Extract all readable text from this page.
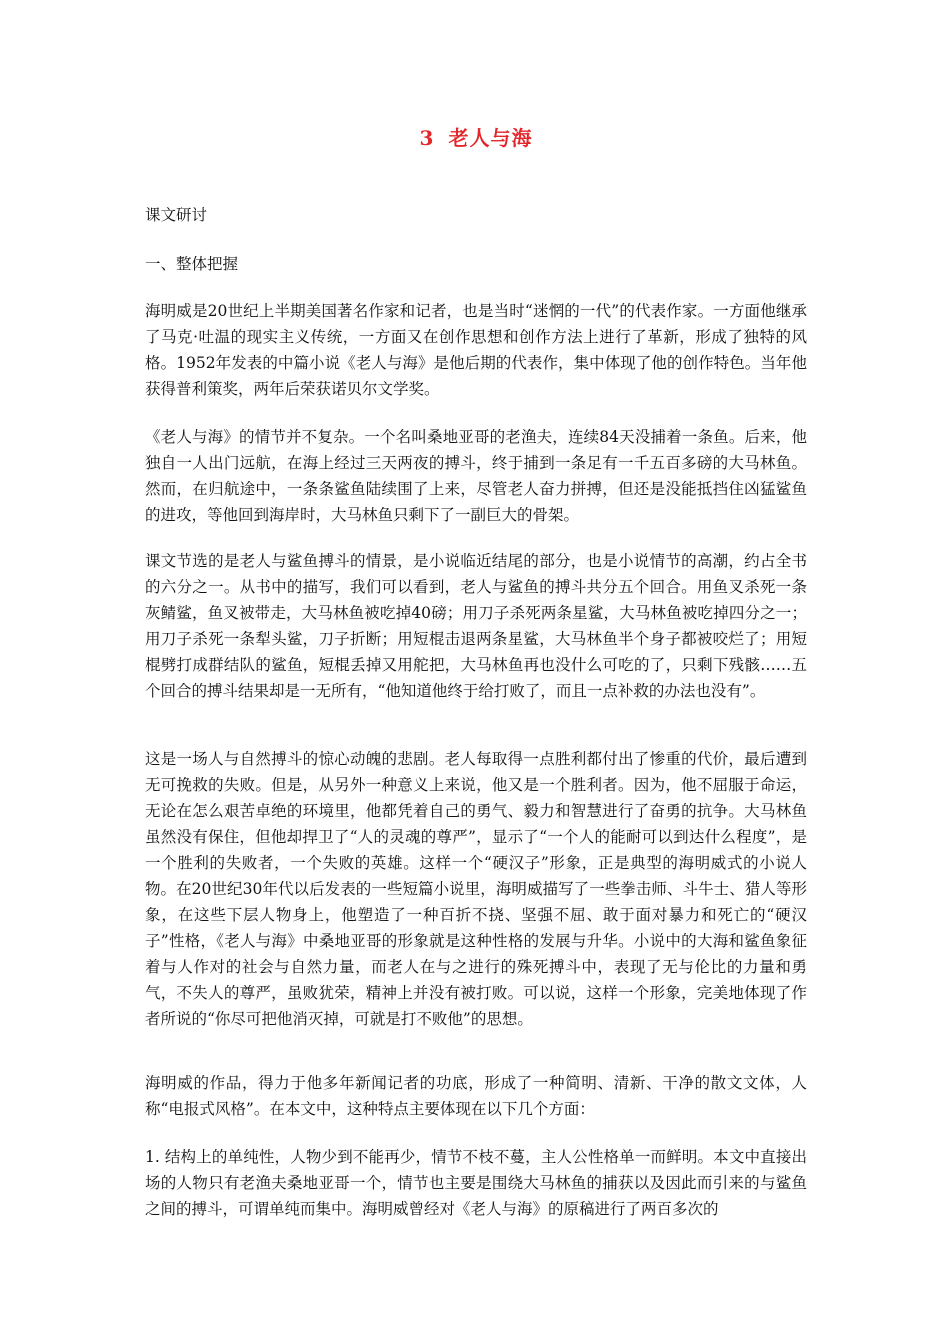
3 老人与海

课文研讨

一、整体把握

海明威是20世纪上半期美国著名作家和记者，也是当时“迷惘的一代”的代表作家。一方面他继承了马克·吐温的现实主义传统，一方面又在创作思想和创作方法上进行了革新，形成了独特的风格。1952年发表的中篇小说《老人与海》是他后期的代表作，集中体现了他的创作特色。当年他获得普利策奖，两年后荣获诺贝尔文学奖。

《老人与海》的情节并不复杂。一个名叫桑地亚哥的老渔夫，连续84天没捕着一条鱼。后来，他独自一人出门远航，在海上经过三天两夜的搏斗，终于捕到一条足有一千五百多磅的大马林鱼。然而，在归航途中，一条条鲨鱼陆续围了上来，尽管老人奋力拼搏，但还是没能抵挡住凶猛鲨鱼的进攻，等他回到海岸时，大马林鱼只剩下了一副巨大的骨架。

课文节选的是老人与鲨鱼搏斗的情景，是小说临近结尾的部分，也是小说情节的高潮，约占全书的六分之一。从书中的描写，我们可以看到，老人与鲨鱼的搏斗共分五个回合。用鱼叉杀死一条灰鲭鲨，鱼叉被带走，大马林鱼被吃掉40磅；用刀子杀死两条星鲨，大马林鱼被吃掉四分之一；用刀子杀死一条犁头鲨，刀子折断；用短棍击退两条星鲨，大马林鱼半个身子都被咬烂了；用短棍劈打成群结队的鲨鱼，短棍丢掉又用舵把，大马林鱼再也没什么可吃的了，只剩下残骸……五个回合的搏斗结果却是一无所有，“他知道他终于给打败了，而且一点补救的办法也没有”。

这是一场人与自然搏斗的惊心动魄的悲剧。老人每取得一点胜利都付出了惨重的代价，最后遭到无可挽救的失败。但是，从另外一种意义上来说，他又是一个胜利者。因为，他不屈服于命运，无论在怎么艰苦卓绝的环境里，他都凭着自己的勇气、毅力和智慧进行了奋勇的抗争。大马林鱼虽然没有保住，但他却捍卫了“人的灵魂的尊严”，显示了“一个人的能耐可以到达什么程度”，是一个胜利的失败者，一个失败的英雄。这样一个“硬汉子”形象，正是典型的海明威式的小说人物。在20世纪30年代以后发表的一些短篇小说里，海明威描写了一些拳击师、斗牛士、猎人等形象，在这些下层人物身上，他塑造了一种百折不挠、坚强不屈、敢于面对暴力和死亡的“硬汉子”性格，《老人与海》中桑地亚哥的形象就是这种性格的发展与升华。小说中的大海和鲨鱼象征着与人作对的社会与自然力量，而老人在与之进行的殊死搏斗中，表现了无与伦比的力量和勇气，不失人的尊严，虽败犹荣，精神上并没有被打败。可以说，这样一个形象，完美地体现了作者所说的“你尽可把他消灭掉，可就是打不败他”的思想。

海明威的作品，得力于他多年新闻记者的功底，形成了一种简明、清新、干净的散文文体，人称“电报式风格”。在本文中，这种特点主要体现在以下几个方面：

1. 结构上的单纯性，人物少到不能再少，情节不枝不蔓，主人公性格单一而鲜明。本文中直接出场的人物只有老渔夫桑地亚哥一个，情节也主要是围绕大马林鱼的捕获以及因此而引来的与鲨鱼之间的搏斗，可谓单纯而集中。海明威曾经对《老人与海》的原稿进行了两百多次的
